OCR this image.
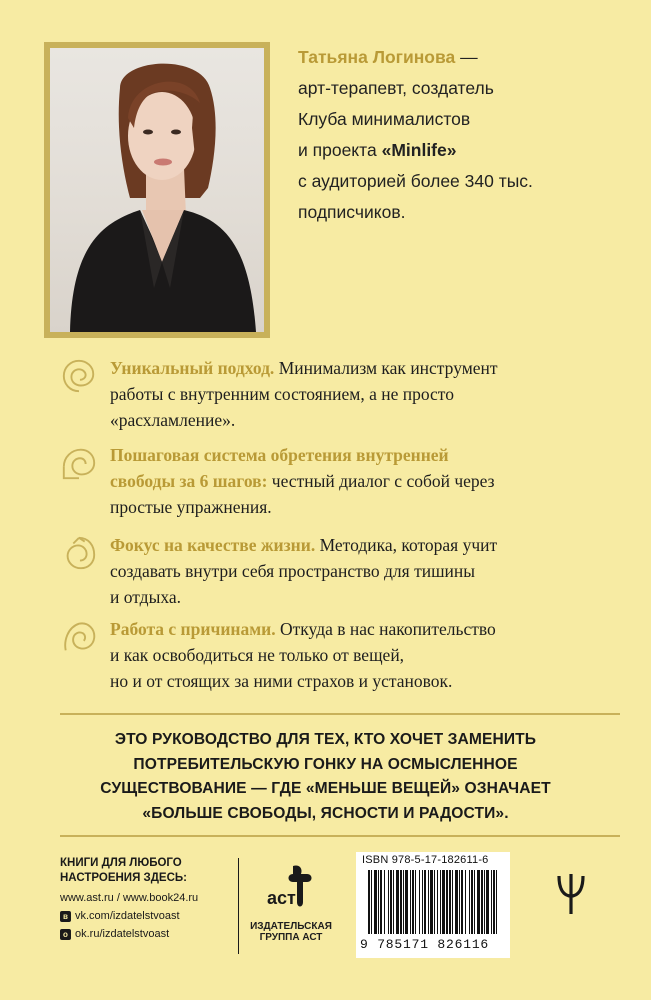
Татьяна Логинова —
арт-терапевт, создатель
Клуба минималистов
и проекта «Minlife»
с аудиторией более 340 тыс.
подписчиков.
Уникальный подход. Минимализм как инструмент
работы с внутренним состоянием, а не просто
«расхламление».
Пошаговая система обретения внутренней
свободы за 6 шагов: честный диалог с собой через
простые упражнения.
Фокус на качестве жизни. Методика, которая учит
создавать внутри себя пространство для тишины
и отдыха.
Работа с причинами. Откуда в нас накопительство
и как освободиться не только от вещей,
но и от стоящих за ними страхов и установок.
ЭТО РУКОВОДСТВО ДЛЯ ТЕХ, КТО ХОЧЕТ ЗАМЕНИТЬ
ПОТРЕБИТЕЛЬСКУЮ ГОНКУ НА ОСМЫСЛЕННОЕ
СУЩЕСТВОВАНИЕ — ГДЕ «МЕНЬШЕ ВЕЩЕЙ» ОЗНАЧАЕТ
«БОЛЬШЕ СВОБОДЫ, ЯСНОСТИ И РАДОСТИ».
КНИГИ ДЛЯ ЛЮБОГО
НАСТРОЕНИЯ ЗДЕСЬ:
www.ast.ru / www.book24.ru
в vk.com/izdatelstvoast
о ok.ru/izdatelstvoast
аст
ИЗДАТЕЛЬСКАЯ
ГРУППА АСТ
ISBN 978-5-17-182611-6
9 785171 826116
